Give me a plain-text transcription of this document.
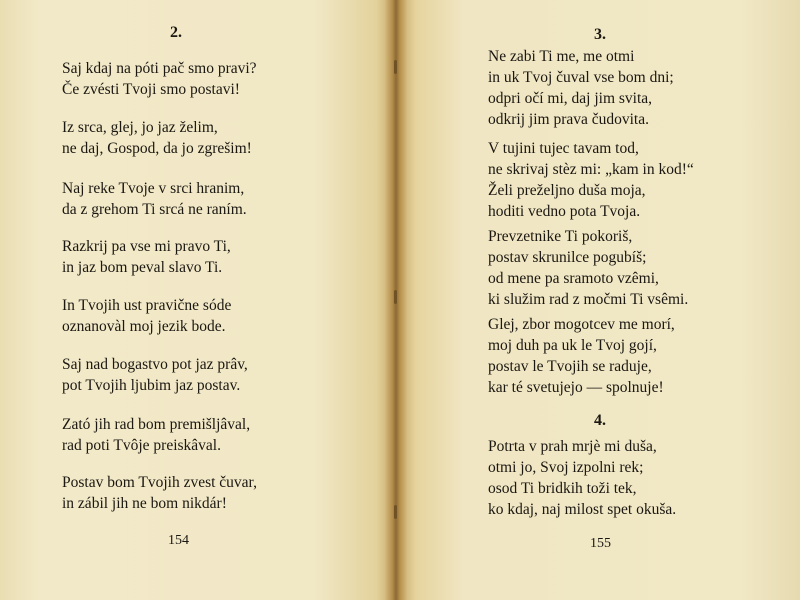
2.
Saj kdaj na póti pač smo pravi?
Če zvésti Tvoji smo postavi!
Iz srca, glej, jo jaz želim,
ne daj, Gospod, da jo zgrešim!
Naj reke Tvoje v srci hranim,
da z grehom Ti srcá ne raním.
Razkrij pa vse mi pravo Ti,
in jaz bom peval slavo Ti.
In Tvojih ust pravične sóde
oznanovàl moj jezik bode.
Saj nad bogastvo pot jaz prâv,
pot Tvojih ljubim jaz postav.
Zató jih rad bom premišljâval,
rad poti Tvôje preiskâval.
Postav bom Tvojih zvest čuvar,
in zábil jih ne bom nikdár!
154
3.
Ne zabi Ti me, me otmi
in uk Tvoj čuval vse bom dni;
odpri očí mi, daj jim svita,
odkrij jim prava čudovita.
V tujini tujec tavam tod,
ne skrivaj stèz mi: „kam in kod!“
Želi preželjno duša moja,
hoditi vedno pota Tvoja.
Prevzetnike Ti pokoriš,
postav skrunilce pogubíš;
od mene pa sramoto vzêmi,
ki služim rad z močmi Ti vsêmi.
Glej, zbor mogotcev me morí,
moj duh pa uk le Tvoj gojí,
postav le Tvojih se raduje,
kar té svetujejo — spolnuje!
4.
Potrta v prah mrjè mi duša,
otmi jo, Svoj izpolni rek;
osod Ti bridkih toži tek,
ko kdaj, naj milost spet okuša.
155
